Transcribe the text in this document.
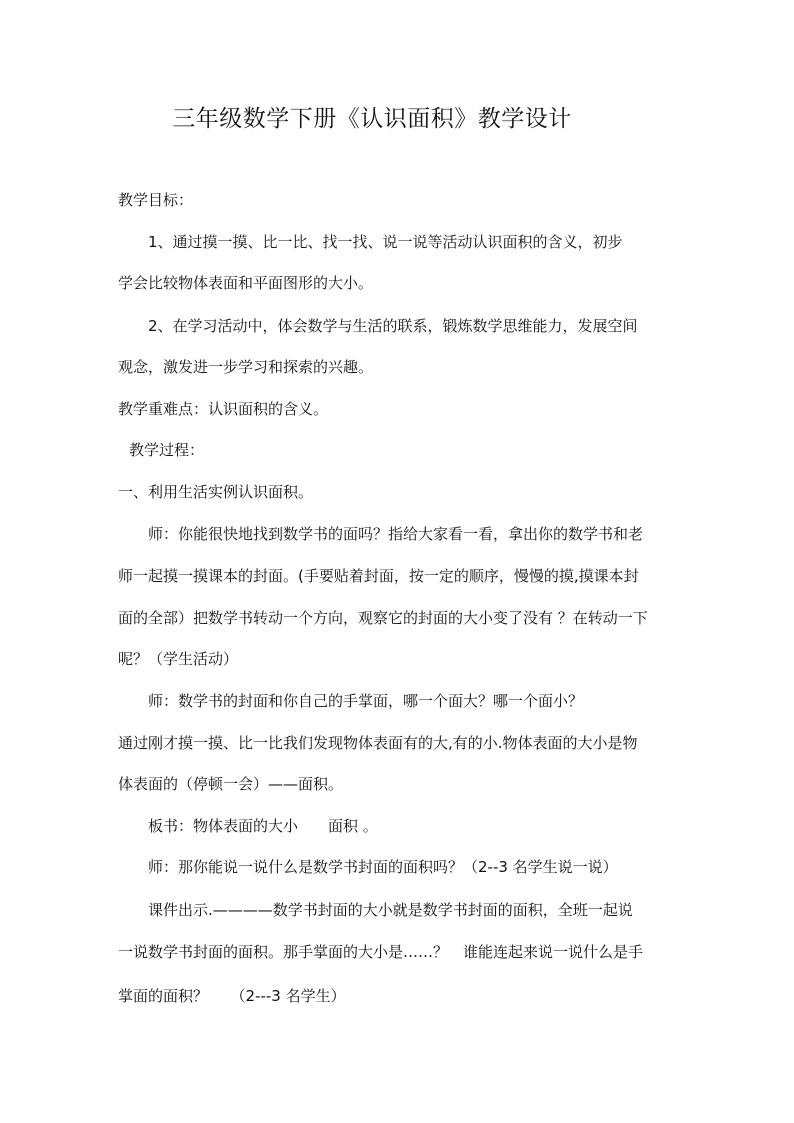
三年级数学下册《认识面积》教学设计
教学目标：
1、通过摸一摸、比一比、找一找、说一说等活动认识面积的含义，初步
学会比较物体表面和平面图形的大小。
2、在学习活动中，体会数学与生活的联系，锻炼数学思维能力，发展空间
观念，激发进一步学习和探索的兴趣。
教学重难点：认识面积的含义。
教学过程：
一、利用生活实例认识面积。
师：你能很快地找到数学书的面吗？指给大家看一看，拿出你的数学书和老
师一起摸一摸课本的封面。(手要贴着封面，按一定的顺序，慢慢的摸,摸课本封
面的全部）把数学书转动一个方向，观察它的封面的大小变了没有 ？在转动一下
呢？（学生活动）
师：数学书的封面和你自己的手掌面，哪一个面大？哪一个面小？
通过刚才摸一摸、比一比我们发现物体表面有的大,有的小.物体表面的大小是物
体表面的（停顿一会）——面积。
板书：物体表面的大小　　面积 。
师：那你能说一说什么是数学书封面的面积吗？（2--3 名学生说一说）
课件出示.————数学书封面的大小就是数学书封面的面积，全班一起说
一说数学书封面的面积。那手掌面的大小是……？　谁能连起来说一说什么是手
掌面的面积？　　（2---3 名学生）
